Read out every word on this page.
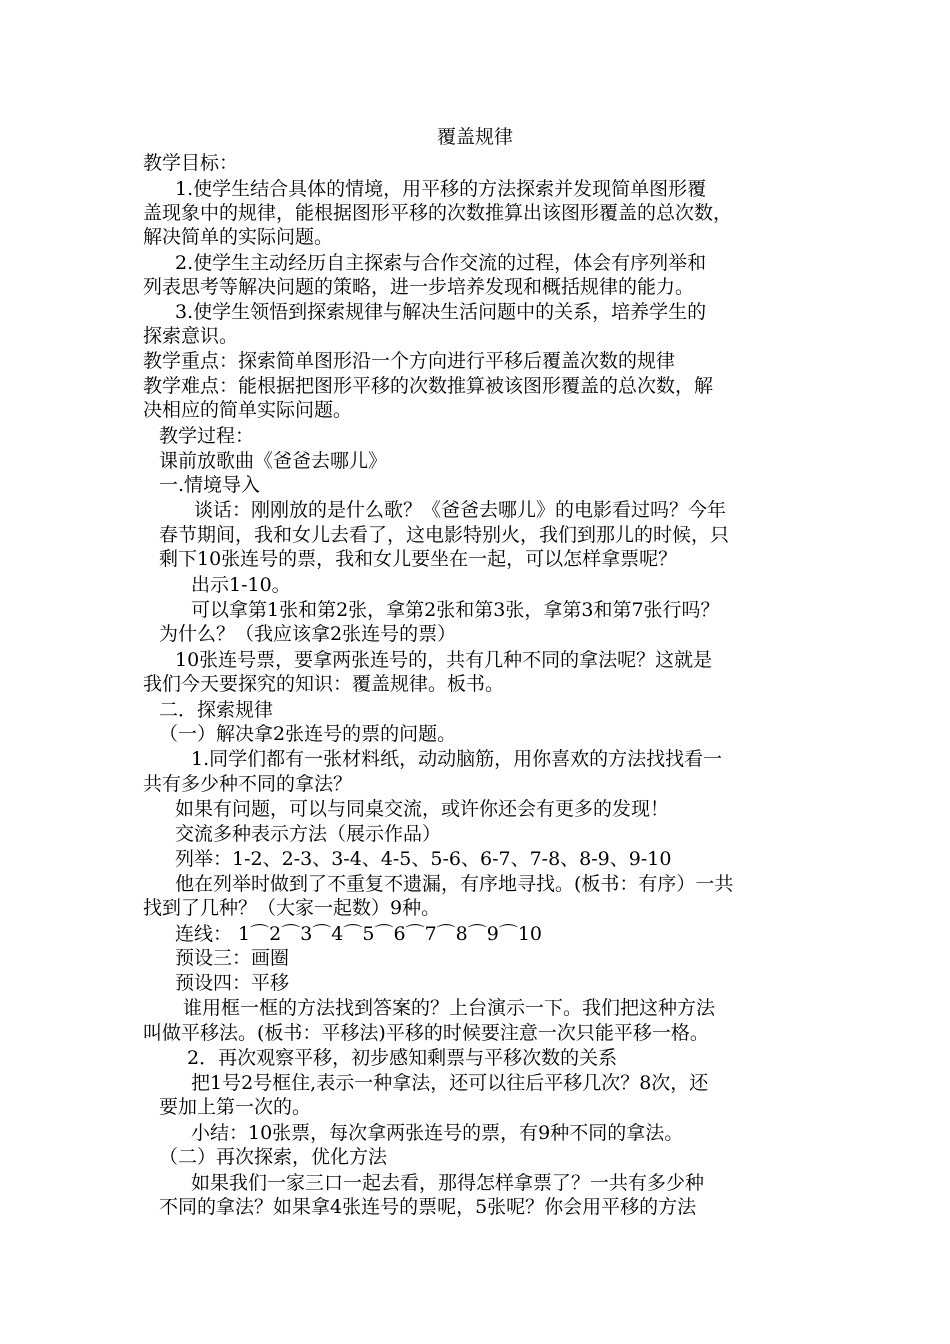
覆盖规律
教学目标：
1.使学生结合具体的情境，用平移的方法探索并发现简单图形覆
盖现象中的规律，能根据图形平移的次数推算出该图形覆盖的总次数，
解决简单的实际问题。
2.使学生主动经历自主探索与合作交流的过程，体会有序列举和
列表思考等解决问题的策略，进一步培养发现和概括规律的能力。
3.使学生领悟到探索规律与解决生活问题中的关系，培养学生的
探索意识。
教学重点：探索简单图形沿一个方向进行平移后覆盖次数的规律
教学难点：能根据把图形平移的次数推算被该图形覆盖的总次数，解
决相应的简单实际问题。
教学过程：
课前放歌曲《爸爸去哪儿》
一.情境导入
谈话：刚刚放的是什么歌？《爸爸去哪儿》的电影看过吗？今年
春节期间，我和女儿去看了，这电影特别火，我们到那儿的时候，只
剩下10张连号的票，我和女儿要坐在一起，可以怎样拿票呢？
出示1-10。
可以拿第1张和第2张，拿第2张和第3张，拿第3和第7张行吗？
为什么？（我应该拿2张连号的票）
10张连号票，要拿两张连号的，共有几种不同的拿法呢？这就是
我们今天要探究的知识：覆盖规律。板书。
二．探索规律
（一）解决拿2张连号的票的问题。
1.同学们都有一张材料纸，动动脑筋，用你喜欢的方法找找看一
共有多少种不同的拿法？
如果有问题，可以与同桌交流，或许你还会有更多的发现！
交流多种表示方法（展示作品）
列举：1-2、2-3、3-4、4-5、5-6、6-7、7-8、8-9、9-10
他在列举时做到了不重复不遗漏，有序地寻找。(板书：有序）一共
找到了几种？（大家一起数）9种。
连线： 1⌒2⌒3⌒4⌒5⌒6⌒7⌒8⌒9⌒10
预设三：画圈
预设四：平移
谁用框一框的方法找到答案的？上台演示一下。我们把这种方法
叫做平移法。(板书：平移法)平移的时候要注意一次只能平移一格。
2．再次观察平移，初步感知剩票与平移次数的关系
把1号2号框住,表示一种拿法，还可以往后平移几次？8次，还
要加上第一次的。
小结：10张票，每次拿两张连号的票，有9种不同的拿法。
（二）再次探索，优化方法
如果我们一家三口一起去看，那得怎样拿票了？一共有多少种
不同的拿法？如果拿4张连号的票呢，5张呢？你会用平移的方法
